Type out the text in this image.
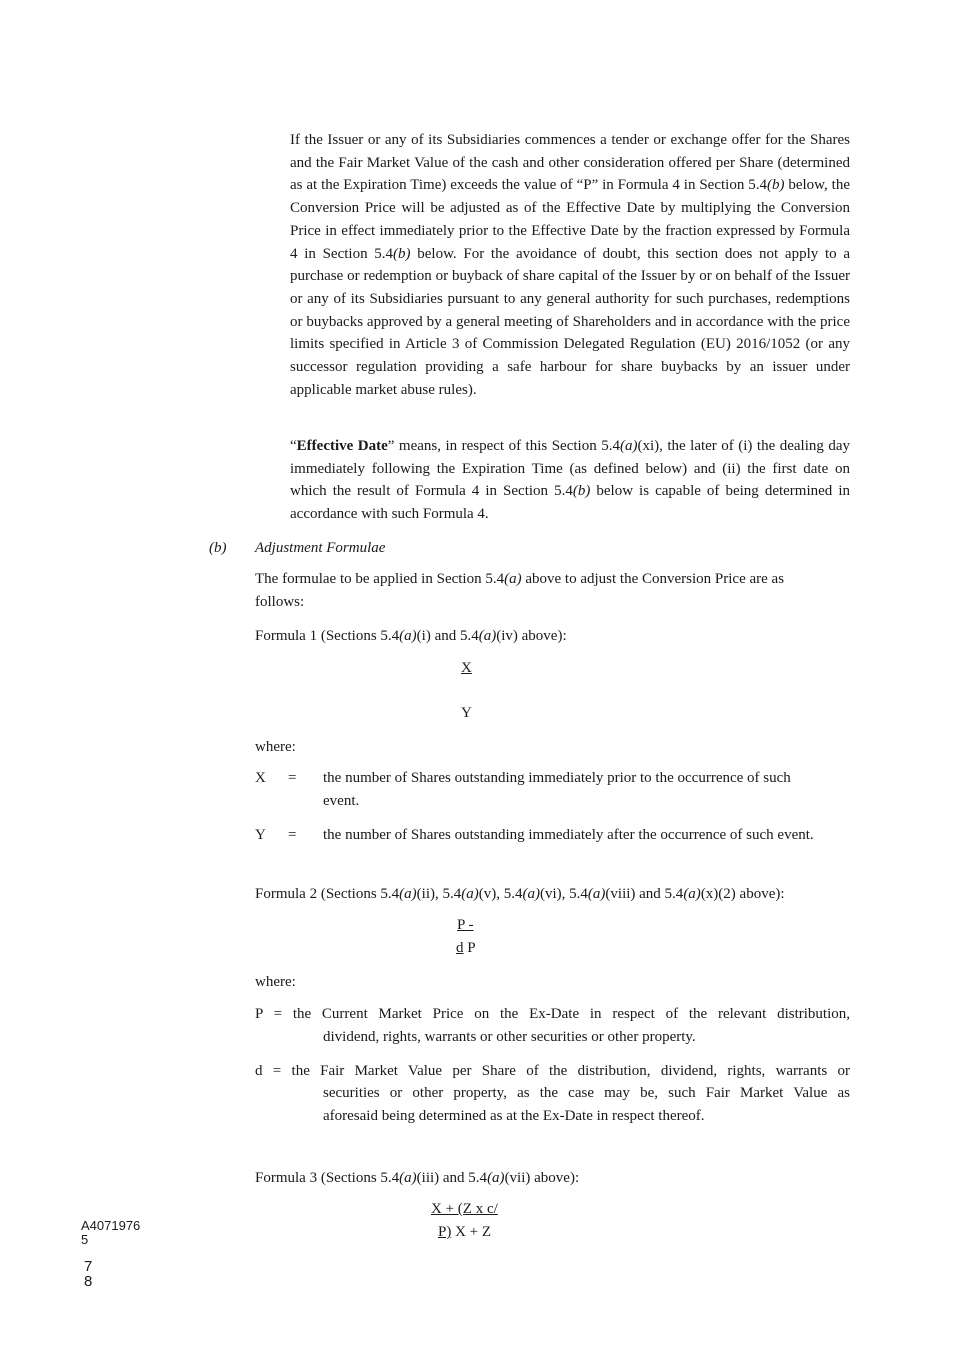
If the Issuer or any of its Subsidiaries commences a tender or exchange offer for the Shares and the Fair Market Value of the cash and other consideration offered per Share (determined as at the Expiration Time) exceeds the value of “P” in Formula 4 in Section 5.4(b) below, the Conversion Price will be adjusted as of the Effective Date by multiplying the Conversion Price in effect immediately prior to the Effective Date by the fraction expressed by Formula 4 in Section 5.4(b) below. For the avoidance of doubt, this section does not apply to a purchase or redemption or buyback of share capital of the Issuer by or on behalf of the Issuer or any of its Subsidiaries pursuant to any general authority for such purchases, redemptions or buybacks approved by a general meeting of Shareholders and in accordance with the price limits specified in Article 3 of Commission Delegated Regulation (EU) 2016/1052 (or any successor regulation providing a safe harbour for share buybacks by an issuer under applicable market abuse rules).

“Effective Date” means, in respect of this Section 5.4(a)(xi), the later of (i) the dealing day immediately following the Expiration Time (as defined below) and (ii) the first date on which the result of Formula 4 in Section 5.4(b) below is capable of being determined in accordance with such Formula 4.

(b) Adjustment Formulae

The formulae to be applied in Section 5.4(a) above to adjust the Conversion Price are as follows:

Formula 1 (Sections 5.4(a)(i) and 5.4(a)(iv) above):
X
Y
where:
X = the number of Shares outstanding immediately prior to the occurrence of such
event.
Y = the number of Shares outstanding immediately after the occurrence of such event.
Formula 2 (Sections 5.4(a)(ii), 5.4(a)(v), 5.4(a)(vi), 5.4(a)(viii) and 5.4(a)(x)(2) above):
P -
d P
where:
P = the Current Market Price on the Ex-Date in respect of the relevant distribution,
dividend, rights, warrants or other securities or other property.
d = the Fair Market Value per Share of the distribution, dividend, rights, warrants or
securities or other property, as the case may be, such Fair Market Value as
aforesaid being determined as at the Ex-Date in respect thereof.
Formula 3 (Sections 5.4(a)(iii) and 5.4(a)(vii) above):
X + (Z x c/
P) X + Z
A4071976
5
7
8
